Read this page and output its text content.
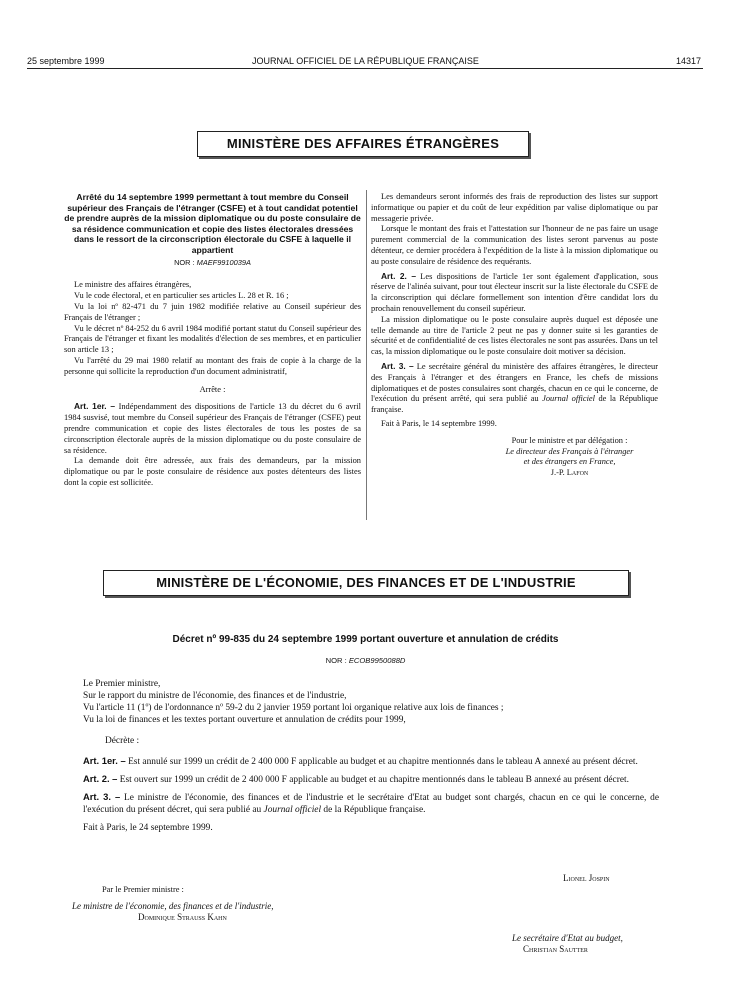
25 septembre 1999	JOURNAL OFFICIEL DE LA RÉPUBLIQUE FRANÇAISE	14317
MINISTÈRE DES AFFAIRES ÉTRANGÈRES
Arrêté du 14 septembre 1999 permettant à tout membre du Conseil supérieur des Français de l'étranger (CSFE) et à tout candidat potentiel de prendre auprès de la mission diplomatique ou du poste consulaire de sa résidence communication et copie des listes électorales dressées dans le ressort de la circonscription électorale du CSFE à laquelle il appartient
NOR : MAEF9910039A

Le ministre des affaires étrangères,

Vu le code électoral, et en particulier ses articles L. 28 et R. 16 ;

Vu la loi nº 82-471 du 7 juin 1982 modifiée relative au Conseil supérieur des Français de l'étranger ;

Vu le décret nº 84-252 du 6 avril 1984 modifié portant statut du Conseil supérieur des Français de l'étranger et fixant les modalités d'élection de ses membres, et en particulier son article 13 ;

Vu l'arrêté du 29 mai 1980 relatif au montant des frais de copie à la charge de la personne qui sollicite la reproduction d'un document administratif,

Arrête :

Art. 1er. – Indépendamment des dispositions de l'article 13 du décret du 6 avril 1984 susvisé, tout membre du Conseil supérieur des Français de l'étranger (CSFE) peut prendre communication et copie des listes électorales de tous les postes de sa circonscription électorale auprès de la mission diplomatique ou du poste consulaire de sa résidence.

La demande doit être adressée, aux frais des demandeurs, par la mission diplomatique ou par le poste consulaire de résidence aux postes détenteurs des listes dont la copie est sollicitée.

Les demandeurs seront informés des frais de reproduction des listes sur support informatique ou papier et du coût de leur expédition par valise diplomatique ou par messagerie privée.

Lorsque le montant des frais et l'attestation sur l'honneur de ne pas faire un usage purement commercial de la communication des listes seront parvenus au poste détenteur, ce dernier procédera à l'expédition de la liste à la mission diplomatique ou au poste consulaire de résidence des requérants.

Art. 2. – Les dispositions de l'article 1er sont également d'application, sous réserve de l'alinéa suivant, pour tout électeur inscrit sur la liste électorale du CSFE de la circonscription qui déclare formellement son intention d'être candidat lors du prochain renouvellement du conseil supérieur.

La mission diplomatique ou le poste consulaire auprès duquel est déposée une telle demande au titre de l'article 2 peut ne pas y donner suite si les garanties de sécurité et de confidentialité de ces listes électorales ne sont pas assurées. Dans un tel cas, la mission diplomatique ou le poste consulaire doit motiver sa décision.

Art. 3. – Le secrétaire général du ministère des affaires étrangères, le directeur des Français à l'étranger et des étrangers en France, les chefs de missions diplomatiques et de postes consulaires sont chargés, chacun en ce qui le concerne, de l'exécution du présent arrêté, qui sera publié au Journal officiel de la République française.

Fait à Paris, le 14 septembre 1999.

Pour le ministre et par délégation :
Le directeur des Français à l'étranger
et des étrangers en France,
J.-P. Lafon
MINISTÈRE DE L'ÉCONOMIE, DES FINANCES ET DE L'INDUSTRIE
Décret nº 99-835 du 24 septembre 1999 portant ouverture et annulation de crédits
NOR : ECOB9950088D

Le Premier ministre,

Sur le rapport du ministre de l'économie, des finances et de l'industrie,

Vu l'article 11 (1º) de l'ordonnance nº 59-2 du 2 janvier 1959 portant loi organique relative aux lois de finances ;

Vu la loi de finances et les textes portant ouverture et annulation de crédits pour 1999,

Décrète :

Art. 1er. – Est annulé sur 1999 un crédit de 2 400 000 F applicable au budget et au chapitre mentionnés dans le tableau A annexé au présent décret.

Art. 2. – Est ouvert sur 1999 un crédit de 2 400 000 F applicable au budget et au chapitre mentionnés dans le tableau B annexé au présent décret.

Art. 3. – Le ministre de l'économie, des finances et de l'industrie et le secrétaire d'Etat au budget sont chargés, chacun en ce qui le concerne, de l'exécution du présent décret, qui sera publié au Journal officiel de la République française.

Fait à Paris, le 24 septembre 1999.

Lionel Jospin
Par le Premier ministre :
Le ministre de l'économie, des finances et de l'industrie,
Dominique Strauss Kahn
Le secrétaire d'Etat au budget,
Christian Sautter
